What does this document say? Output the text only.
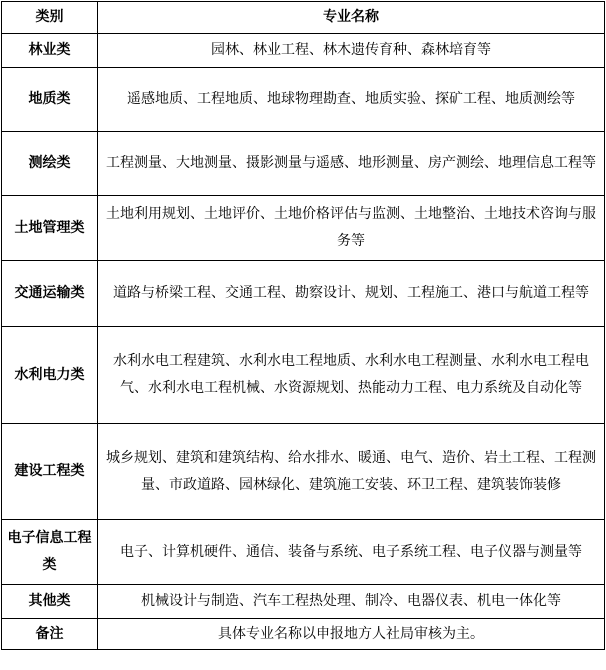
类别	专业名称
林业类	园林、林业工程、林木遗传育种、森林培育等
地质类	遥感地质、工程地质、地球物理勘查、地质实验、探矿工程、地质测绘等
测绘类	工程测量、大地测量、摄影测量与遥感、地形测量、房产测绘、地理信息工程等
土地管理类	土地利用规划、土地评价、土地价格评估与监测、土地整治、土地技术咨询与服务等
交通运输类	道路与桥梁工程、交通工程、勘察设计、规划、工程施工、港口与航道工程等
水利电力类	水利水电工程建筑、水利水电工程地质、水利水电工程测量、水利水电工程电气、水利水电工程机械、水资源规划、热能动力工程、电力系统及自动化等
建设工程类	城乡规划、建筑和建筑结构、给水排水、暖通、电气、造价、岩土工程、工程测量、市政道路、园林绿化、建筑施工安装、环卫工程、建筑装饰装修
电子信息工程类	电子、计算机硬件、通信、装备与系统、电子系统工程、电子仪器与测量等
其他类	机械设计与制造、汽车工程热处理、制冷、电器仪表、机电一体化等
备注	具体专业名称以申报地方人社局审核为主。
